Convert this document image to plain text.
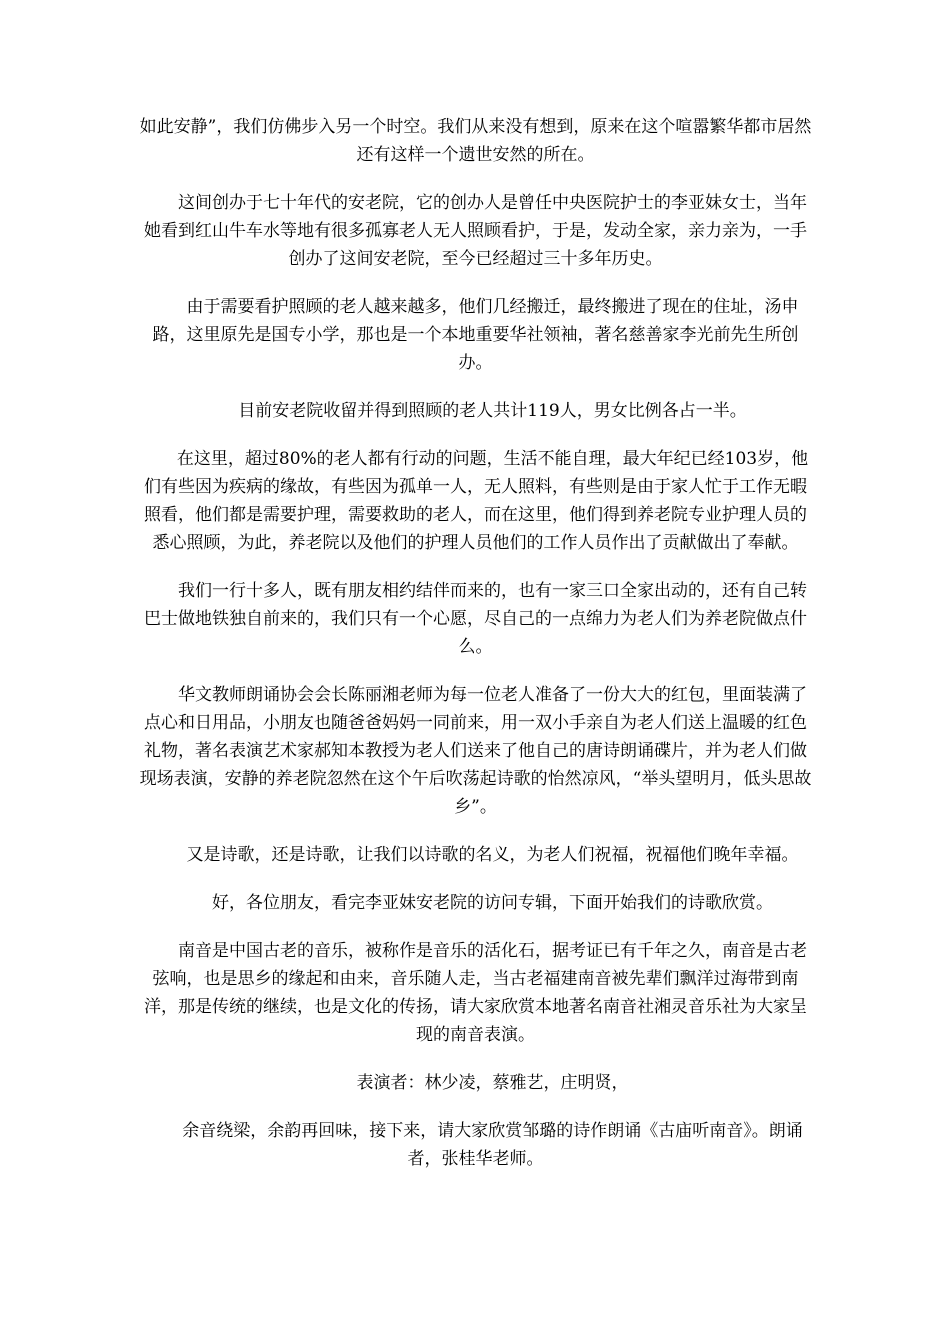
如此安静”，我们仿佛步入另一个时空。我们从来没有想到，原来在这个喧嚣繁华都市居然还有这样一个遗世安然的所在。

这间创办于七十年代的安老院，它的创办人是曾任中央医院护士的李亚妹女士，当年她看到红山牛车水等地有很多孤寡老人无人照顾看护，于是，发动全家，亲力亲为，一手创办了这间安老院，至今已经超过三十多年历史。

由于需要看护照顾的老人越来越多，他们几经搬迁，最终搬进了现在的住址，汤申路，这里原先是国专小学，那也是一个本地重要华社领袖，著名慈善家李光前先生所创办。

目前安老院收留并得到照顾的老人共计119人，男女比例各占一半。

在这里，超过80%的老人都有行动的问题，生活不能自理，最大年纪已经103岁，他们有些因为疾病的缘故，有些因为孤单一人，无人照料，有些则是由于家人忙于工作无暇照看，他们都是需要护理，需要救助的老人，而在这里，他们得到养老院专业护理人员的悉心照顾，为此，养老院以及他们的护理人员他们的工作人员作出了贡献做出了奉献。

我们一行十多人，既有朋友相约结伴而来的，也有一家三口全家出动的，还有自己转巴士做地铁独自前来的，我们只有一个心愿，尽自己的一点绵力为老人们为养老院做点什么。

华文教师朗诵协会会长陈丽湘老师为每一位老人准备了一份大大的红包，里面装满了点心和日用品，小朋友也随爸爸妈妈一同前来，用一双小手亲自为老人们送上温暖的红色礼物，著名表演艺术家郝知本教授为老人们送来了他自己的唐诗朗诵碟片，并为老人们做现场表演，安静的养老院忽然在这个午后吹荡起诗歌的怡然凉风，“举头望明月，低头思故乡”。

又是诗歌，还是诗歌，让我们以诗歌的名义，为老人们祝福，祝福他们晚年幸福。

好，各位朋友，看完李亚妹安老院的访问专辑，下面开始我们的诗歌欣赏。

南音是中国古老的音乐，被称作是音乐的活化石，据考证已有千年之久，南音是古老弦响，也是思乡的缘起和由来，音乐随人走，当古老福建南音被先辈们飘洋过海带到南洋，那是传统的继续，也是文化的传扬，请大家欣赏本地著名南音社湘灵音乐社为大家呈现的南音表演。

表演者：林少凌，蔡雅艺，庄明贤，

余音绕梁，余韵再回味，接下来，请大家欣赏邹璐的诗作朗诵《古庙听南音》。朗诵者，张桂华老师。
